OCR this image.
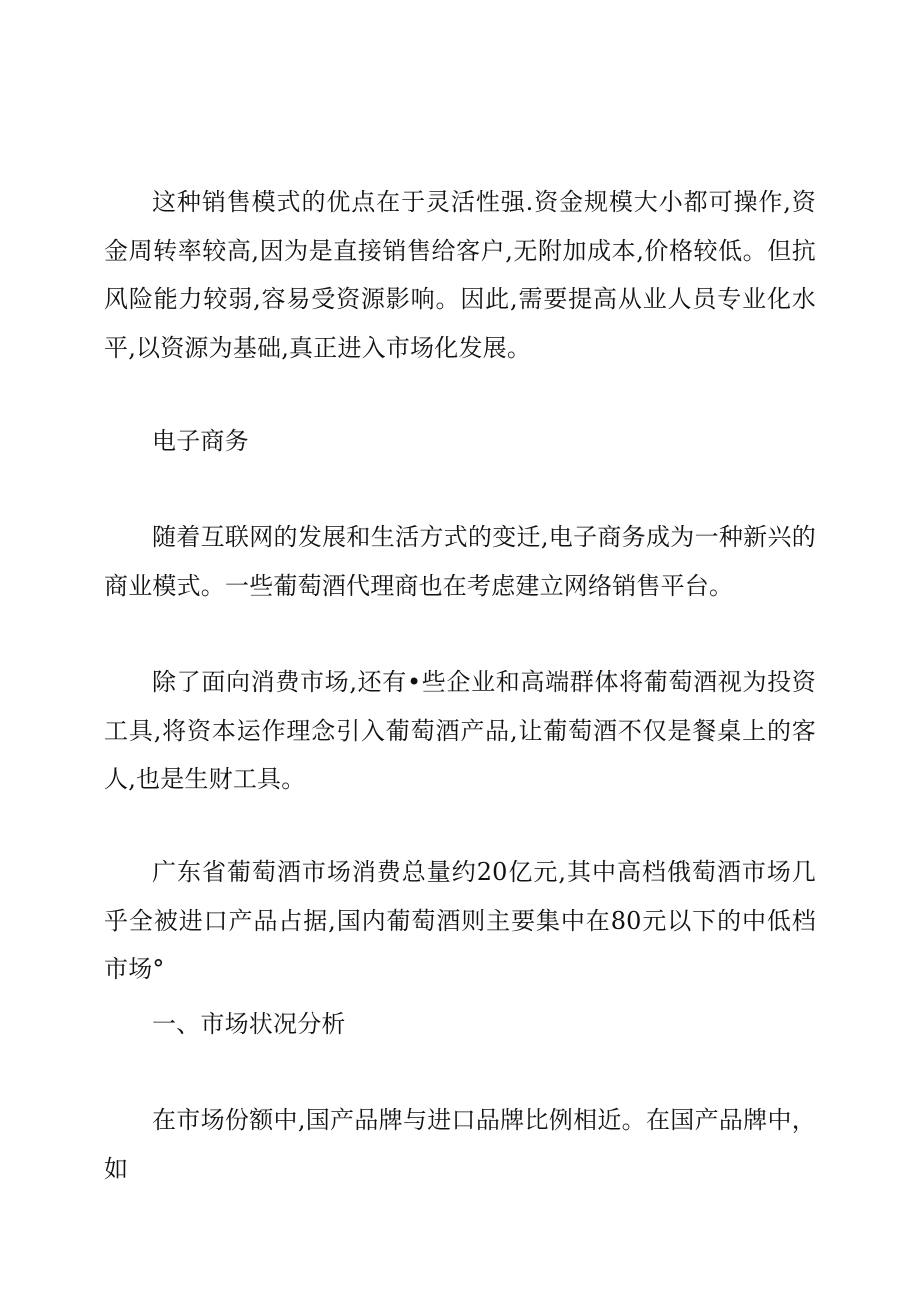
这种销售模式的优点在于灵活性强.资金规模大小都可操作,资金周转率较高,因为是直接销售给客户,无附加成本,价格较低。但抗风险能力较弱,容易受资源影响。因此,需要提高从业人员专业化水平,以资源为基础,真正进入市场化发展。

电子商务

随着互联网的发展和生活方式的变迁,电子商务成为一种新兴的商业模式。一些葡萄酒代理商也在考虑建立网络销售平台。

除了面向消费市场,还有•些企业和高端群体将葡萄酒视为投资工具,将资本运作理念引入葡萄酒产品,让葡萄酒不仅是餐桌上的客人,也是生财工具。

广东省葡萄酒市场消费总量约20亿元,其中高档俄萄酒市场几乎全被进口产品占据,国内葡萄酒则主要集中在80元以下的中低档市场°

一、市场状况分析

在市场份额中,国产品牌与进口品牌比例相近。在国产品牌中，如
